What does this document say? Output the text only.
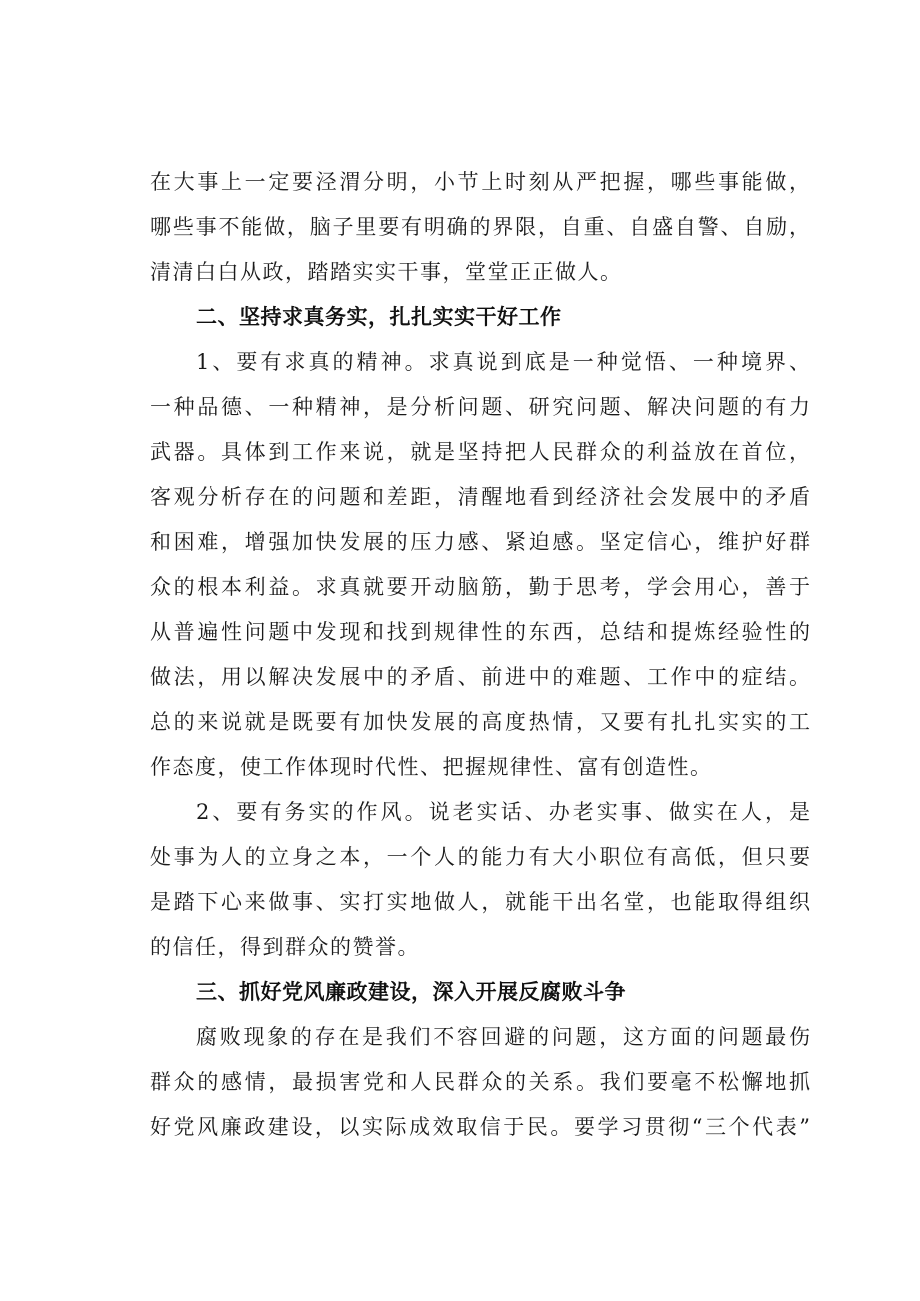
在大事上一定要泾渭分明，小节上时刻从严把握，哪些事能做，
哪些事不能做，脑子里要有明确的界限，自重、自盛自警、自励，
清清白白从政，踏踏实实干事，堂堂正正做人。
二、坚持求真务实，扎扎实实干好工作
1、要有求真的精神。求真说到底是一种觉悟、一种境界、
一种品德、一种精神，是分析问题、研究问题、解决问题的有力
武器。具体到工作来说，就是坚持把人民群众的利益放在首位，
客观分析存在的问题和差距，清醒地看到经济社会发展中的矛盾
和困难，增强加快发展的压力感、紧迫感。坚定信心，维护好群
众的根本利益。求真就要开动脑筋，勤于思考，学会用心，善于
从普遍性问题中发现和找到规律性的东西，总结和提炼经验性的
做法，用以解决发展中的矛盾、前进中的难题、工作中的症结。
总的来说就是既要有加快发展的高度热情，又要有扎扎实实的工
作态度，使工作体现时代性、把握规律性、富有创造性。
2、要有务实的作风。说老实话、办老实事、做实在人，是
处事为人的立身之本，一个人的能力有大小职位有高低，但只要
是踏下心来做事、实打实地做人，就能干出名堂，也能取得组织
的信任，得到群众的赞誉。
三、抓好党风廉政建设，深入开展反腐败斗争
腐败现象的存在是我们不容回避的问题，这方面的问题最伤
群众的感情，最损害党和人民群众的关系。我们要毫不松懈地抓
好党风廉政建设，以实际成效取信于民。要学习贯彻“三个代表”
